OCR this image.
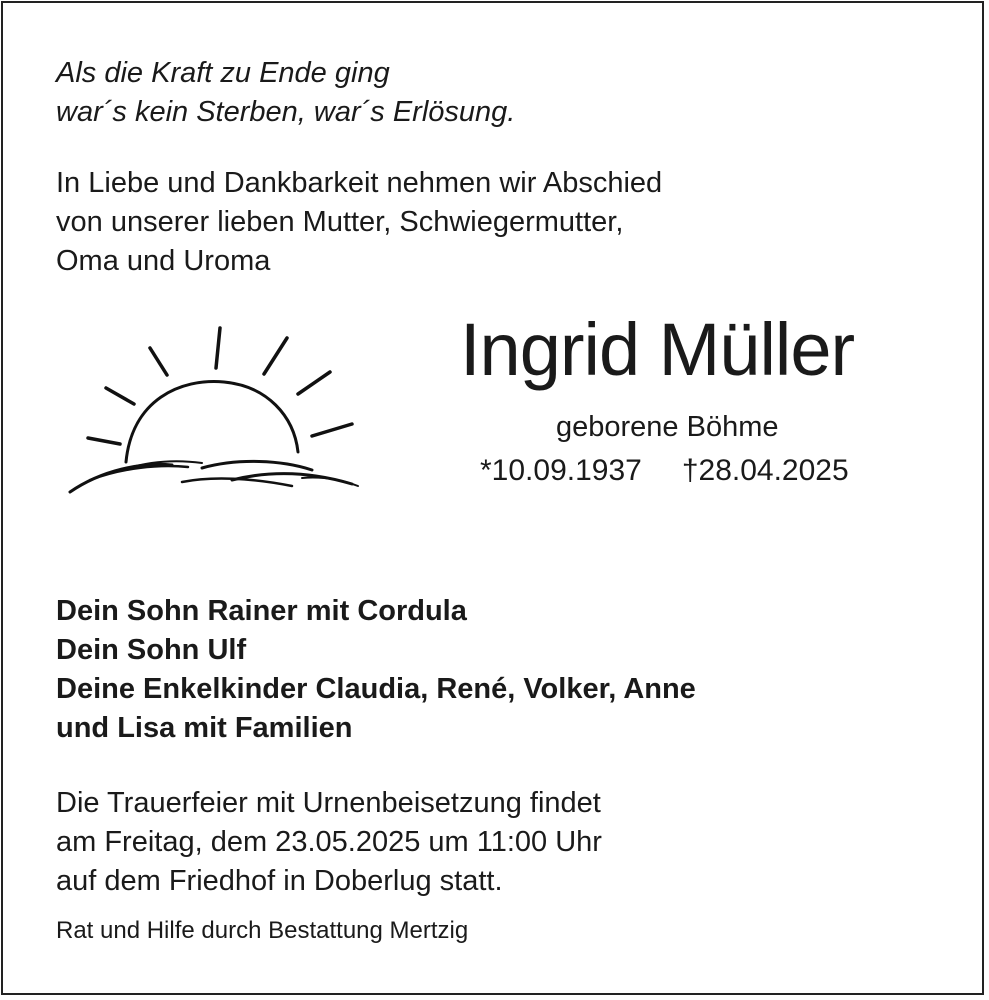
Als die Kraft zu Ende ging
war´s kein Sterben, war´s Erlösung.
In Liebe und Dankbarkeit nehmen wir Abschied
von unserer lieben Mutter, Schwiegermutter,
Oma und Uroma
Ingrid Müller
geborene Böhme
*10.09.1937 †28.04.2025
Dein Sohn Rainer mit Cordula
Dein Sohn Ulf
Deine Enkelkinder Claudia, René, Volker, Anne
und Lisa mit Familien
Die Trauerfeier mit Urnenbeisetzung findet
am Freitag, dem 23.05.2025 um 11:00 Uhr
auf dem Friedhof in Doberlug statt.
Rat und Hilfe durch Bestattung Mertzig
